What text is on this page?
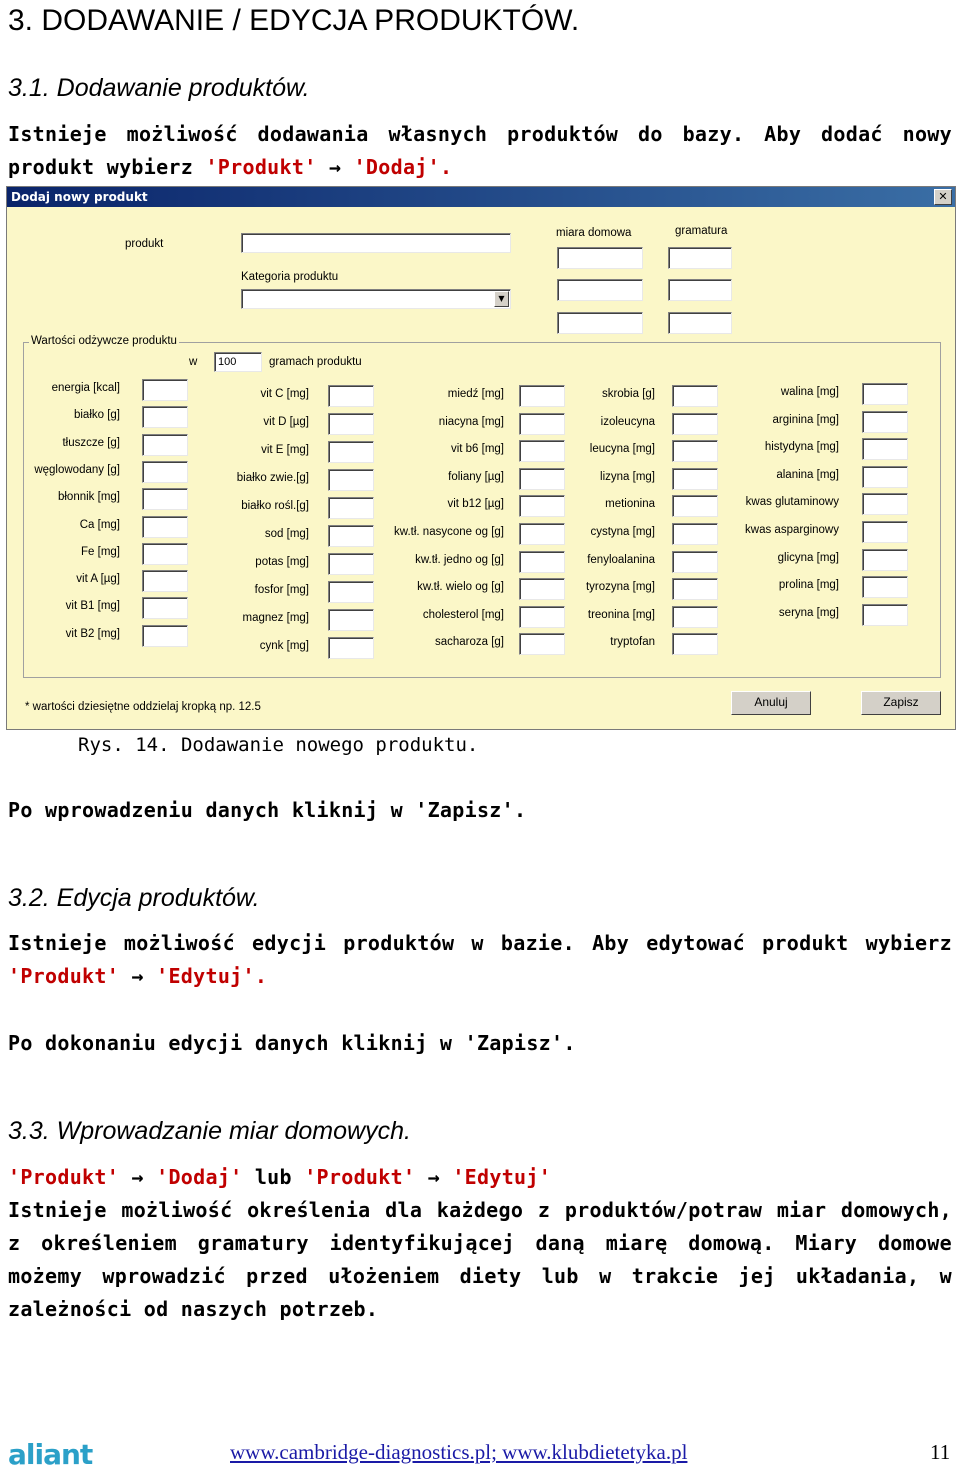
3. DODAWANIE / EDYCJA PRODUKTÓW.
3.1. Dodawanie produktów.
Istnieje możliwość dodawania własnych produktów do bazy. Aby dodać nowy produkt wybierz 'Produkt' → 'Dodaj'.
Dodaj nowy produkt	✕
produkt
Kategoria produktu
▼
miara domowa	gramatura
Wartości odżywcze produktu
w	100	gramach produktu
energia [kcal]
białko [g]
tłuszcze [g]
węglowodany [g]
błonnik [mg]
Ca [mg]
Fe [mg]
vit A [µg]
vit B1 [mg]
vit B2 [mg]
vit C [mg]
vit D [µg]
vit E [mg]
białko zwie.[g]
białko rośl.[g]
sod [mg]
potas [mg]
fosfor [mg]
magnez [mg]
cynk [mg]
miedź [mg]
niacyna [mg]
vit b6 [mg]
foliany [µg]
vit b12 [µg]
kw.tł. nasycone og [g]
kw.tł. jedno og [g]
kw.tł. wielo og [g]
cholesterol [mg]
sacharoza [g]
skrobia [g]
izoleucyna
leucyna [mg]
lizyna [mg]
metionina
cystyna [mg]
fenyloalanina
tyrozyna [mg]
treonina [mg]
tryptofan
walina [mg]
arginina [mg]
histydyna [mg]
alanina [mg]
kwas glutaminowy
kwas asparginowy
glicyna [mg]
prolina [mg]
seryna [mg]
* wartości dziesiętne oddzielaj kropką np. 12.5	Anuluj	Zapisz
Rys. 14. Dodawanie nowego produktu.
Po wprowadzeniu danych kliknij w 'Zapisz'.
3.2. Edycja produktów.
Istnieje możliwość edycji produktów w bazie. Aby edytować produkt wybierz 'Produkt' → 'Edytuj'.
Po dokonaniu edycji danych kliknij w 'Zapisz'.
3.3. Wprowadzanie miar domowych.
'Produkt' → 'Dodaj' lub 'Produkt' → 'Edytuj'
Istnieje możliwość określenia dla każdego z produktów/potraw miar domowych, z określeniem gramatury identyfikującej daną miarę domową. Miary domowe możemy wprowadzić przed ułożeniem diety lub w trakcie jej układania, w zależności od naszych potrzeb.
aliant	www.cambridge-diagnostics.pl; www.klubdietetyka.pl	11
